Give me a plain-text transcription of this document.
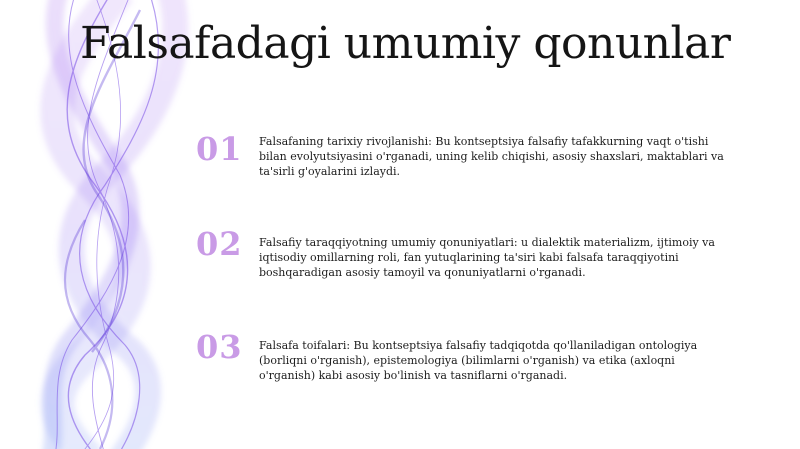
Falsafadagi umumiy qonunlar
01	Falsafaning tarixiy rivojlanishi: Bu kontseptsiya falsafiy tafakkurning vaqt o'tishi bilan evolyutsiyasini o'rganadi, uning kelib chiqishi, asosiy shaxslari, maktablari va ta'sirli g'oyalarini izlaydi.
02	Falsafiy taraqqiyotning umumiy qonuniyatlari: u dialektik materializm, ijtimoiy va iqtisodiy omillarning roli, fan yutuqlarining ta'siri kabi falsafa taraqqiyotini boshqaradigan asosiy tamoyil va qonuniyatlarni o'rganadi.
03	Falsafa toifalari: Bu kontseptsiya falsafiy tadqiqotda qo'llaniladigan ontologiya (borliqni o'rganish), epistemologiya (bilimlarni o'rganish) va etika (axloqni o'rganish) kabi asosiy bo'linish va tasniflarni o'rganadi.
